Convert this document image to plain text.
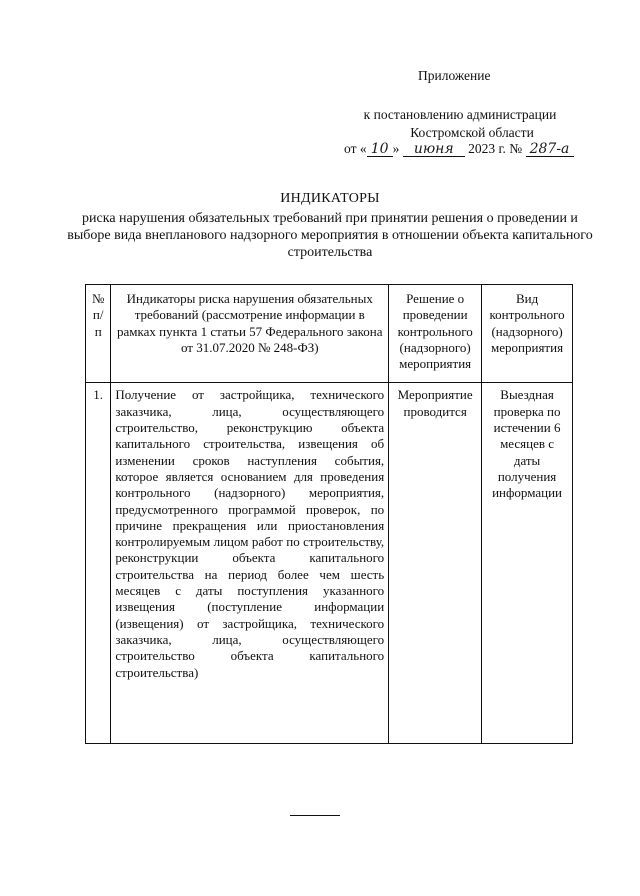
Приложение
к постановлению администрации
Костромской области
от « 10 » июня 2023 г. № 287-а
ИНДИКАТОРЫ
риска нарушения обязательных требований при принятии решения о проведении и выборе вида внепланового надзорного мероприятия в отношении объекта капитального строительства
№ п/п	Индикаторы риска нарушения обязательных требований (рассмотрение информации в рамках пункта 1 статьи 57 Федерального закона от 31.07.2020 № 248-ФЗ)	Решение о проведении контрольного (надзорного) мероприятия	Вид контрольного (надзорного) мероприятия
1.	Получение от застройщика, технического заказчика, лица, осуществляющего строительство, реконструкцию объекта капитального строительства, извещения об изменении сроков наступления события, которое является основанием для проведения контрольного (надзорного) мероприятия, предусмотренного программой проверок, по причине прекращения или приостановления контролируемым лицом работ по строительству, реконструкции объекта капитального строительства на период более чем шесть месяцев с даты поступления указанного извещения (поступление информации (извещения) от застройщика, технического заказчика, лица, осуществляющего строительство объекта капитального строительства)	Мероприятие проводится	Выездная проверка по истечении 6 месяцев с даты получения информации
